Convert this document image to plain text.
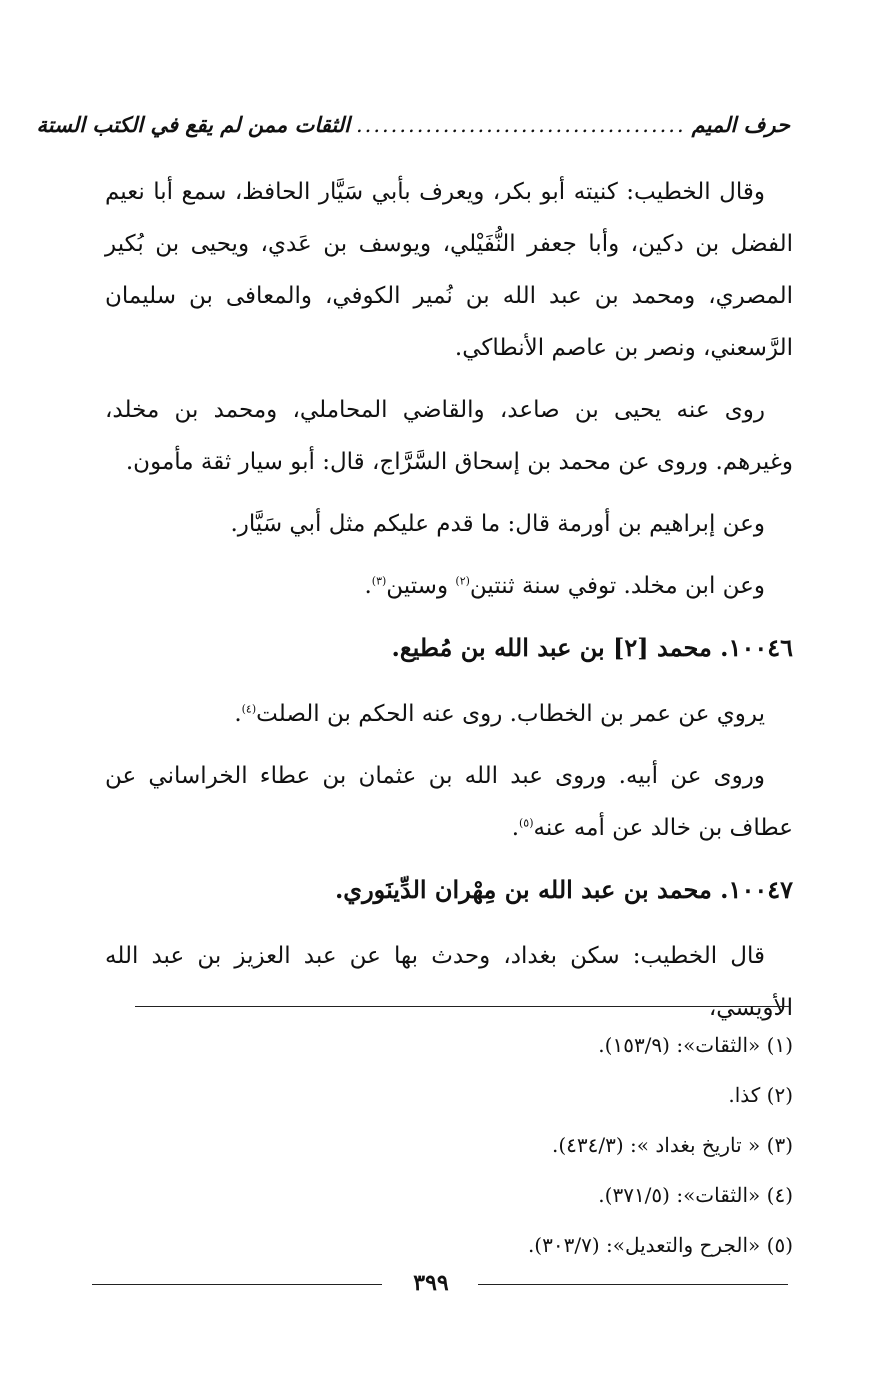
حرف الميم
......................................
الثقات ممن لم يقع في الكتب الستة

وقال الخطيب: كنيته أبو بكر، ويعرف بأبي سَيَّار الحافظ، سمع أبا نعيم الفضل بن دكين، وأبا جعفر النُّفَيْلي، ويوسف بن عَدي، ويحيى بن بُكير المصري، ومحمد بن عبد الله بن نُمير الكوفي، والمعافى بن سليمان الرَّسعني، ونصر بن عاصم الأنطاكي.

روى عنه يحيى بن صاعد، والقاضي المحاملي، ومحمد بن مخلد، وغيرهم. وروى عن محمد بن إسحاق السَّرَّاج، قال: أبو سيار ثقة مأمون.

وعن إبراهيم بن أورمة قال: ما قدم عليكم مثل أبي سَيَّار.

وعن ابن مخلد. توفي سنة ثنتين$^{(٢)}$ وستين$^{(٣)}$.

١٠٠٤٦. محمد [٢] بن عبد الله بن مُطيع.

يروي عن عمر بن الخطاب. روى عنه الحكم بن الصلت$^{(٤)}$.

وروى عن أبيه. وروى عبد الله بن عثمان بن عطاء الخراساني عن عطاف بن خالد عن أمه عنه$^{(٥)}$.

١٠٠٤٧. محمد بن عبد الله بن مِهْران الدِّينَوري.

قال الخطيب: سكن بغداد، وحدث بها عن عبد العزيز بن عبد الله الأويسي،

(١) «الثقات»: (١٥٣/٩).
(٢) كذا.
(٣) « تاريخ بغداد »: (٤٣٤/٣).
(٤) «الثقات»: (٣٧١/٥).
(٥) «الجرح والتعديل»: (٣٠٣/٧).
٣٩٩
